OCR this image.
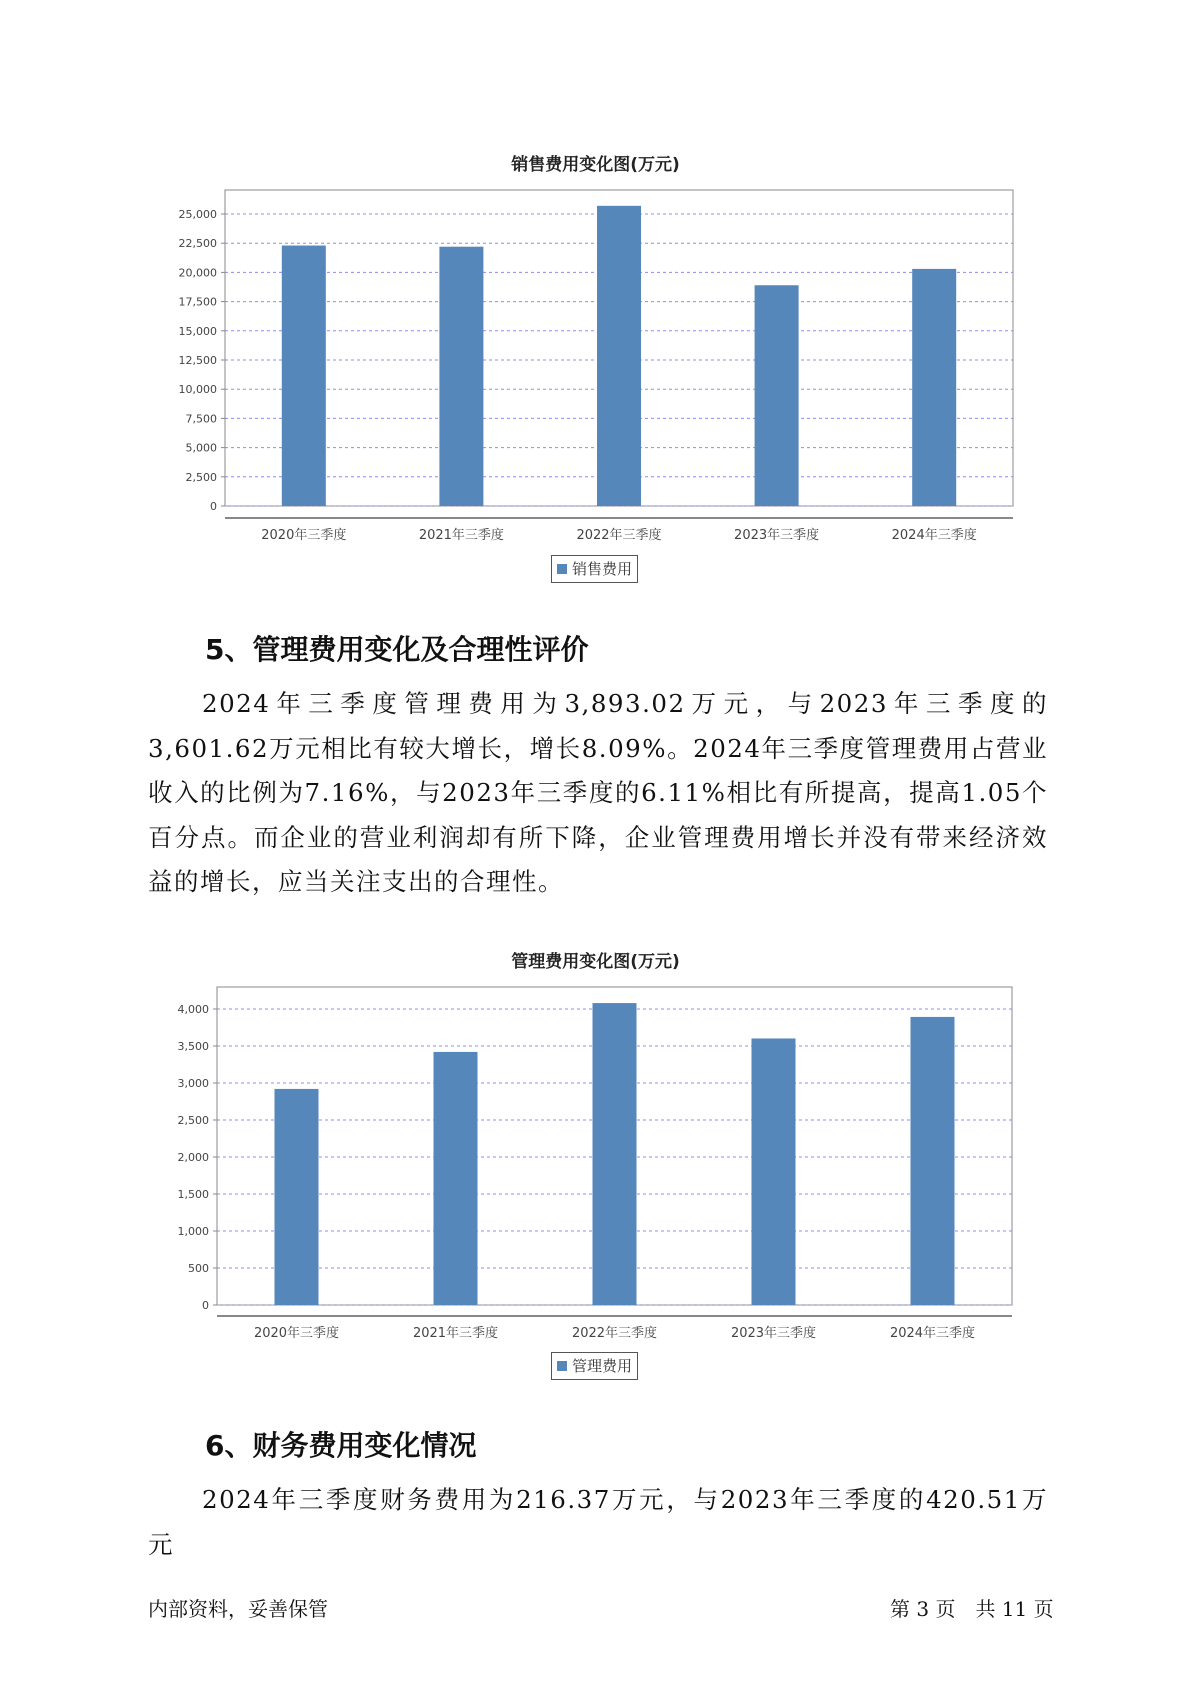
销售费用变化图(万元)
0
2,500
5,000
7,500
10,000
12,500
15,000
17,500
20,000
22,500
25,000
2020年三季度	2021年三季度	2022年三季度	2023年三季度	2024年三季度
销售费用
5、管理费用变化及合理性评价

2024年三季度管理费用为3,893.02万元，与2023年三季度的3,601.62万元相比有较大增长，增长8.09%。2024年三季度管理费用占营业收入的比例为7.16%，与2023年三季度的6.11%相比有所提高，提高1.05个百分点。而企业的营业利润却有所下降，企业管理费用增长并没有带来经济效益的增长，应当关注支出的合理性。

管理费用变化图(万元)
0
500
1,000
1,500
2,000
2,500
3,000
3,500
4,000
2020年三季度	2021年三季度	2022年三季度	2023年三季度	2024年三季度
管理费用
6、财务费用变化情况

2024年三季度财务费用为216.37万元，与2023年三季度的420.51万元

内部资料，妥善保管	第 3 页　共 11 页
